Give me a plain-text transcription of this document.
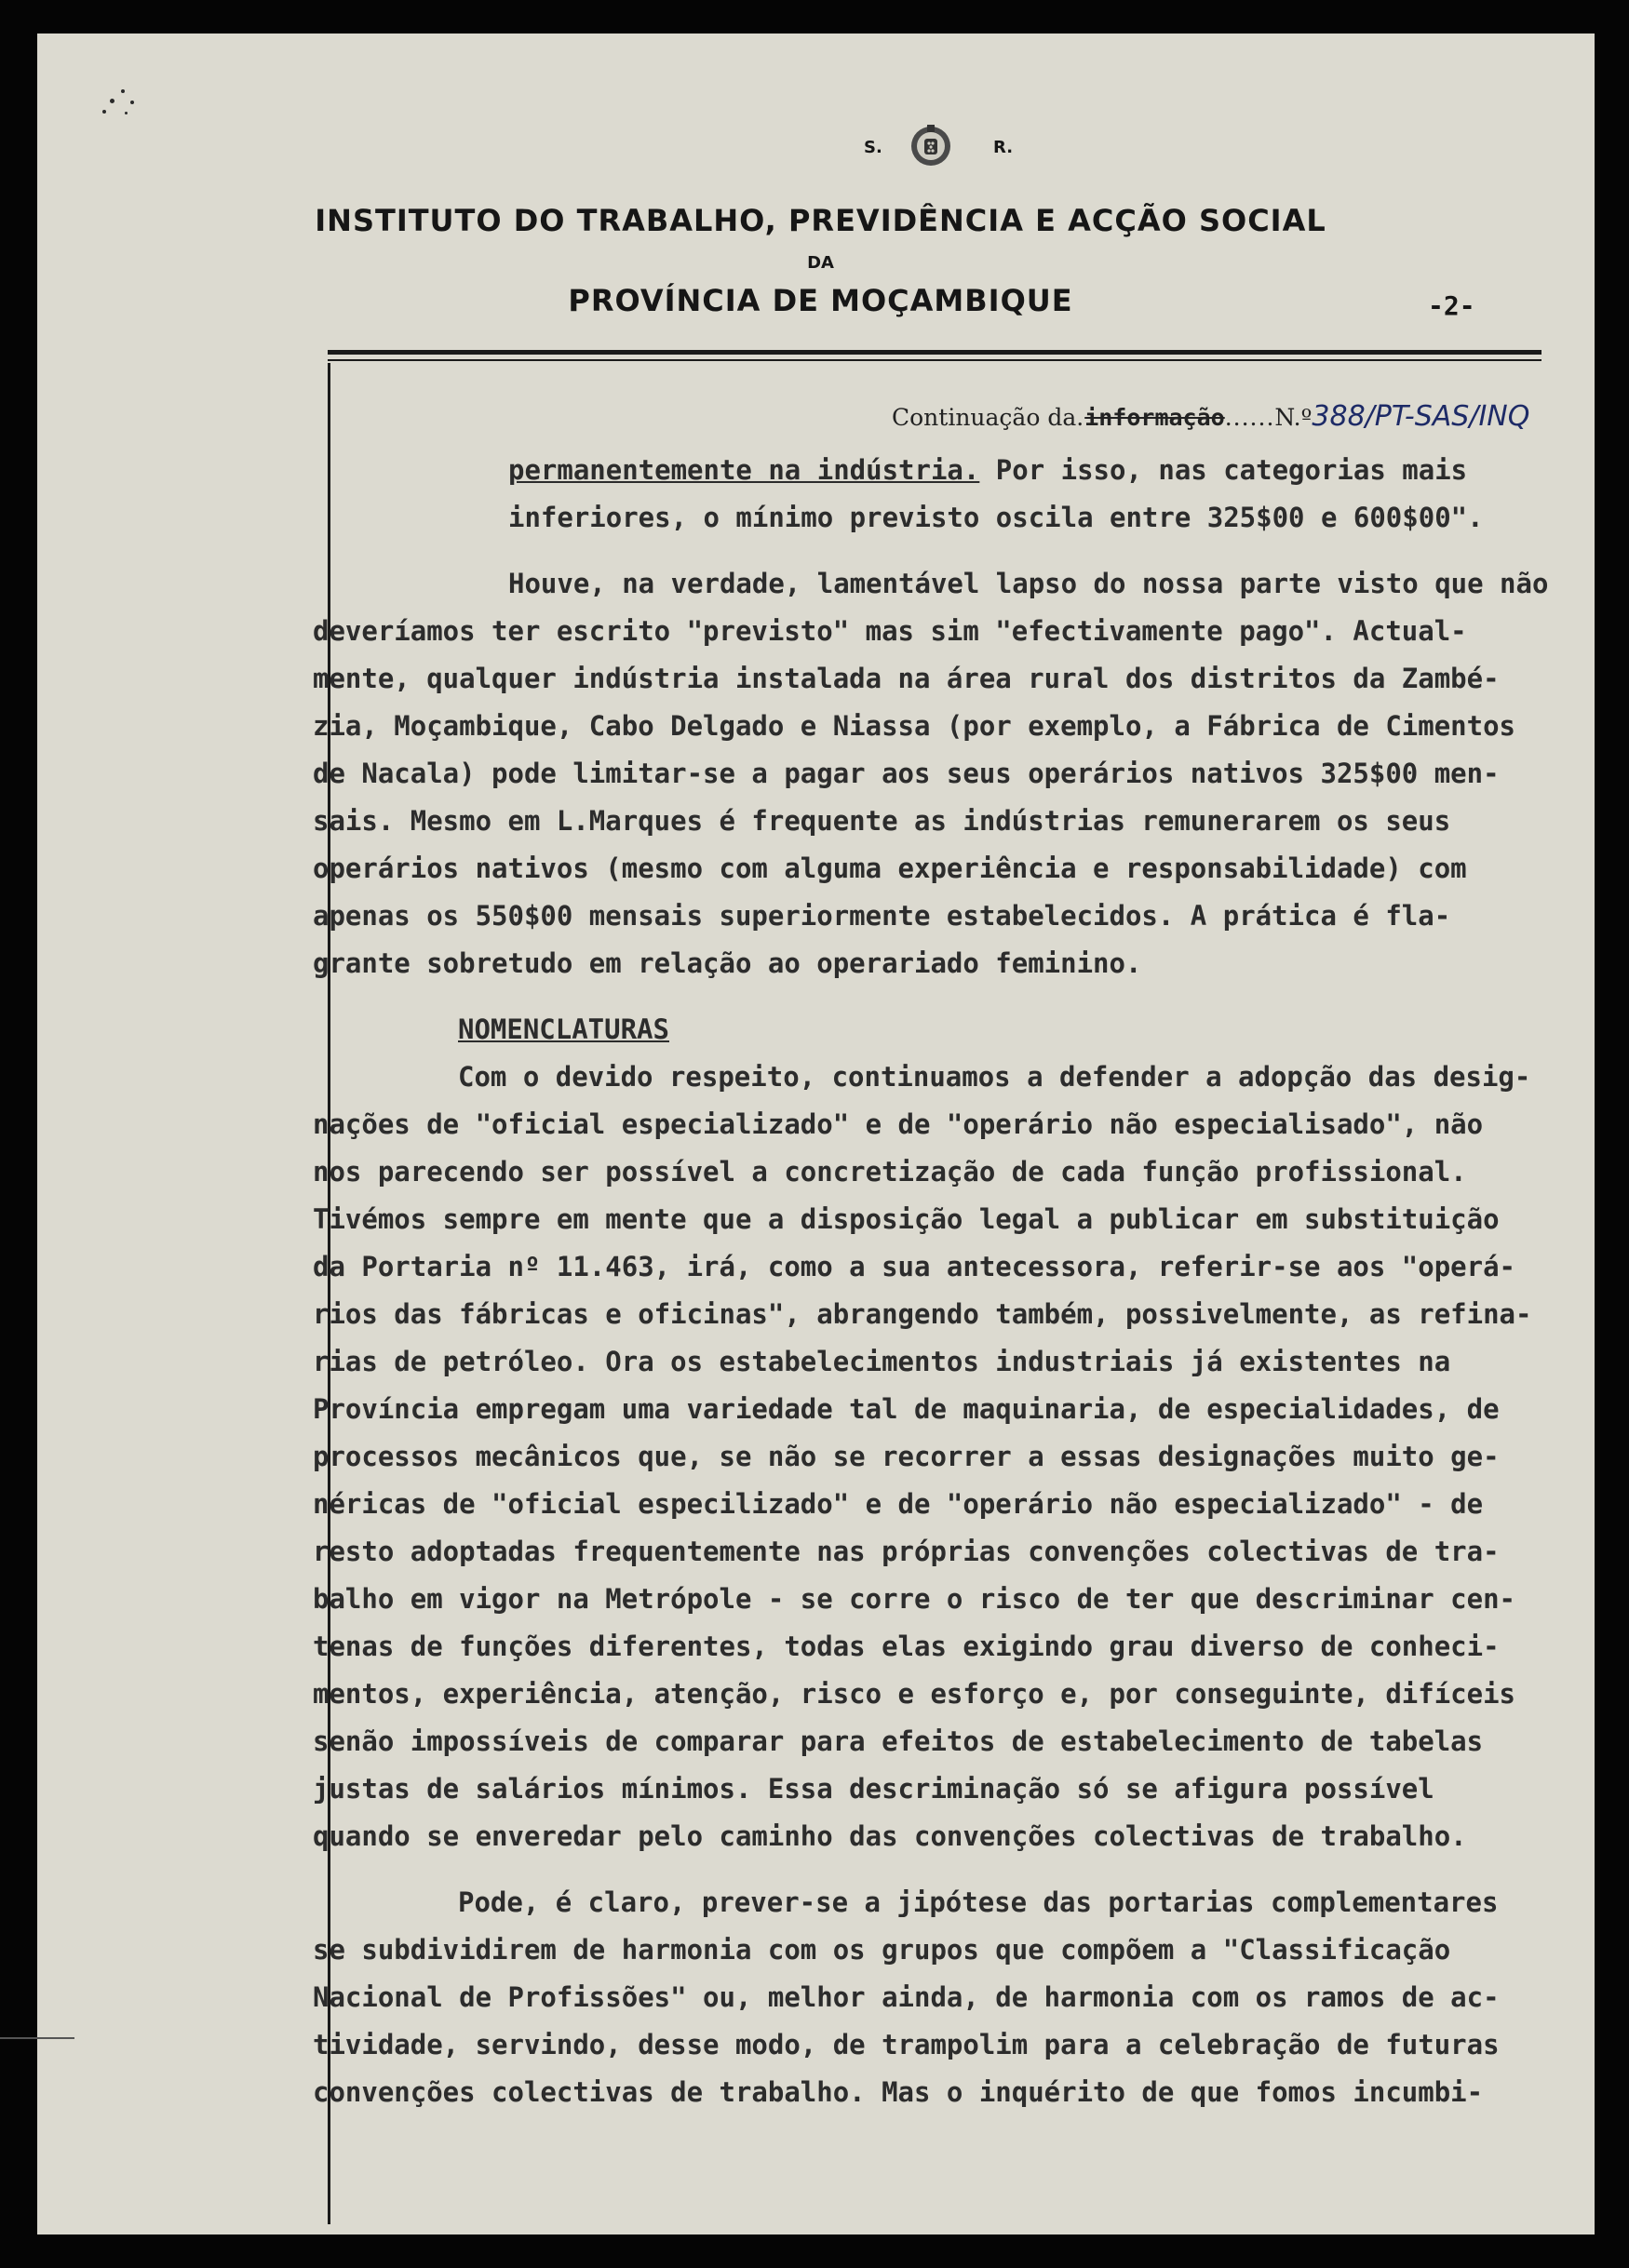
S.	R.
INSTITUTO DO TRABALHO, PREVIDÊNCIA E ACÇÃO SOCIAL
DA
PROVÍNCIA DE MOÇAMBIQUE	-2-
Continuação da.informação......N.º388/PT-SAS/INQ
permanentemente na indústria. Por isso, nas categorias mais
inferiores, o mínimo previsto oscila entre 325$00 e 600$00".
Houve, na verdade, lamentável lapso do nossa parte visto que não
deveríamos ter escrito "previsto" mas sim "efectivamente pago". Actual-
mente, qualquer indústria instalada na área rural dos distritos da Zambé-
zia, Moçambique, Cabo Delgado e Niassa (por exemplo, a Fábrica de Cimentos
de Nacala) pode limitar-se a pagar aos seus operários nativos 325$00 men-
sais. Mesmo em L.Marques é frequente as indústrias remunerarem os seus
operários nativos (mesmo com alguma experiência e responsabilidade) com
apenas os 550$00 mensais superiormente estabelecidos. A prática é fla-
grante sobretudo em relação ao operariado feminino.
NOMENCLATURAS
Com o devido respeito, continuamos a defender a adopção das desig-
nações de "oficial especializado" e de "operário não especialisado", não
nos parecendo ser possível a concretização de cada função profissional.
Tivémos sempre em mente que a disposição legal a publicar em substituição
da Portaria nº 11.463, irá, como a sua antecessora, referir-se aos "operá-
rios das fábricas e oficinas", abrangendo também, possivelmente, as refina-
rias de petróleo. Ora os estabelecimentos industriais já existentes na
Província empregam uma variedade tal de maquinaria, de especialidades, de
processos mecânicos que, se não se recorrer a essas designações muito ge-
néricas de "oficial especilizado" e de "operário não especializado" - de
resto adoptadas frequentemente nas próprias convenções colectivas de tra-
balho em vigor na Metrópole - se corre o risco de ter que descriminar cen-
tenas de funções diferentes, todas elas exigindo grau diverso de conheci-
mentos, experiência, atenção, risco e esforço e, por conseguinte, difíceis
senão impossíveis de comparar para efeitos de estabelecimento de tabelas
justas de salários mínimos. Essa descriminação só se afigura possível
quando se enveredar pelo caminho das convenções colectivas de trabalho.
Pode, é claro, prever-se a jipótese das portarias complementares
se subdividirem de harmonia com os grupos que compõem a "Classificação
Nacional de Profissões" ou, melhor ainda, de harmonia com os ramos de ac-
tividade, servindo, desse modo, de trampolim para a celebração de futuras
convenções colectivas de trabalho. Mas o inquérito de que fomos incumbi-
